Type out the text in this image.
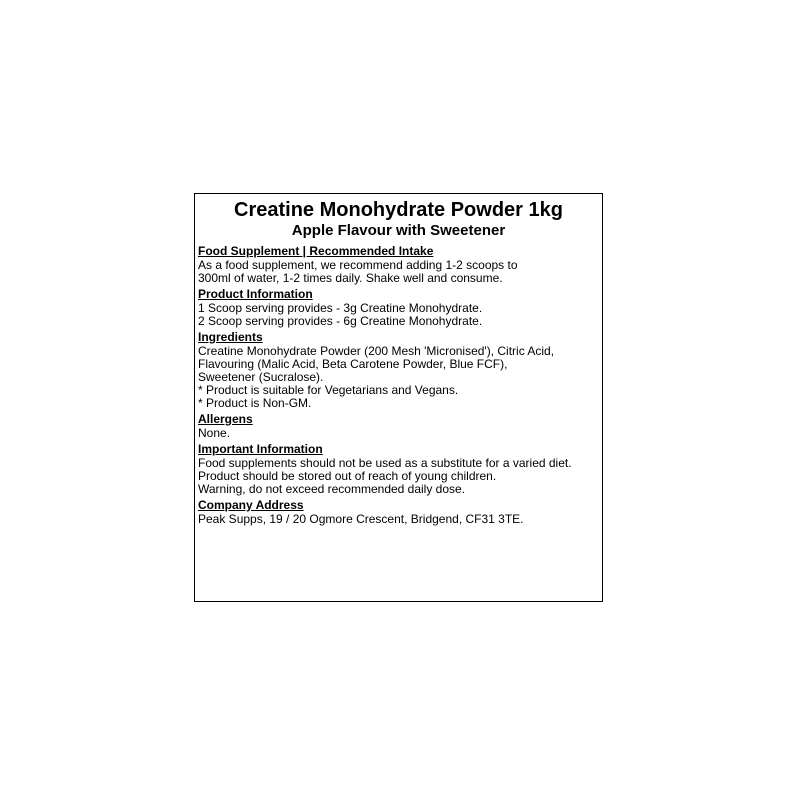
Creatine Monohydrate Powder 1kg
Apple Flavour with Sweetener
Food Supplement | Recommended Intake
As a food supplement, we recommend adding 1-2 scoops to
300ml of water, 1-2 times daily. Shake well and consume.
Product Information
1 Scoop serving provides - 3g Creatine Monohydrate.
2 Scoop serving provides - 6g Creatine Monohydrate.
Ingredients
Creatine Monohydrate Powder (200 Mesh 'Micronised'), Citric Acid,
Flavouring (Malic Acid, Beta Carotene Powder, Blue FCF),
Sweetener (Sucralose).
* Product is suitable for Vegetarians and Vegans.
* Product is Non-GM.
Allergens
None.
Important Information
Food supplements should not be used as a substitute for a varied diet.
Product should be stored out of reach of young children.
Warning, do not exceed recommended daily dose.
Company Address
Peak Supps, 19 / 20 Ogmore Crescent, Bridgend, CF31 3TE.
